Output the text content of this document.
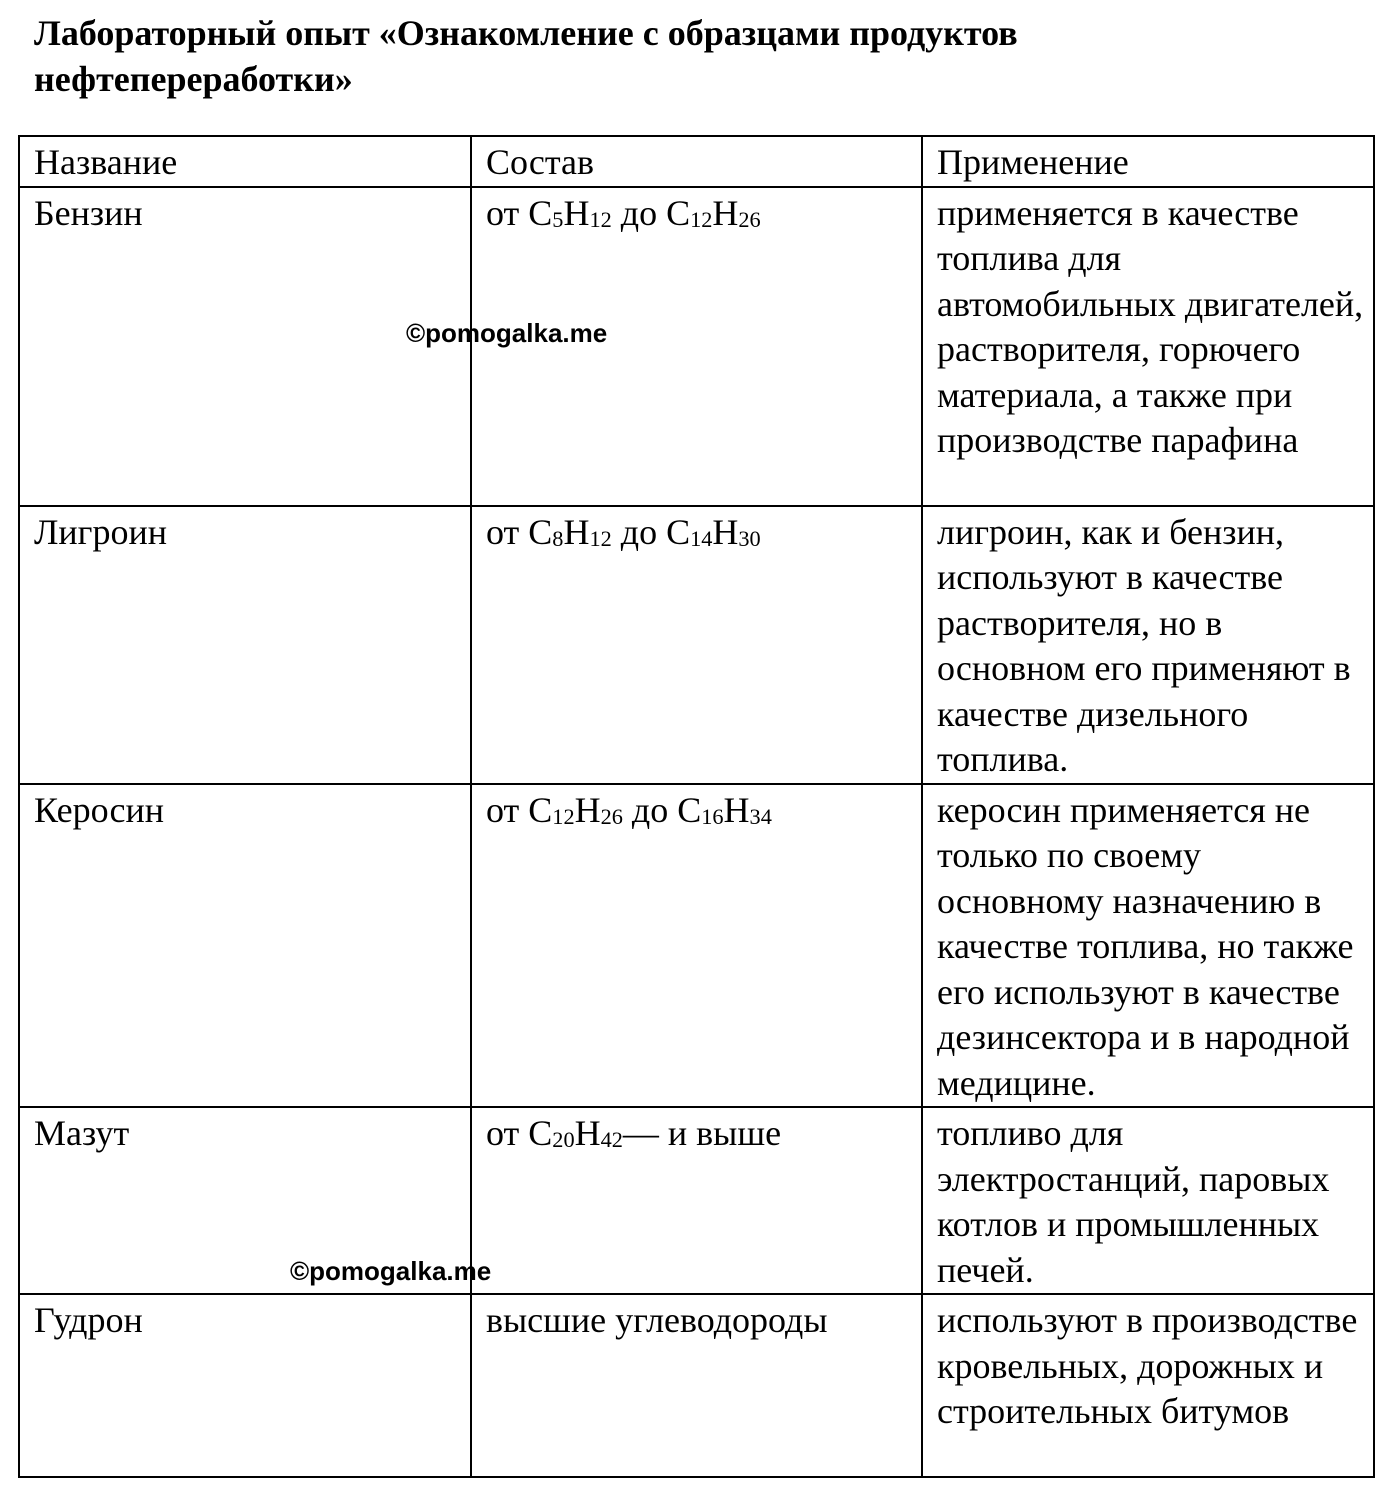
Лабораторный опыт «Ознакомление с образцами продуктов нефтепереработки»
Название	Состав	Применение
Бензин	от $C_5H_{12}$ до $C_{12}H_{26}$	применяется в качестве топлива для автомобильных двигателей, растворителя, горючего материала, а также при производстве парафина
Лигроин	от $C_8H_{12}$ до $C_{14}H_{30}$	лигроин, как и бензин, используют в качестве растворителя, но в основном его применяют в качестве дизельного топлива.
Керосин	от $C_{12}H_{26}$ до $C_{16}H_{34}$	керосин применяется не только по своему основному назначению в качестве топлива, но также его используют в качестве дезинсектора и в народной медицине.
Мазут	от $C_{20}H_{42}—$ и выше	топливо для электростанций, паровых котлов и промышленных печей.
Гудрон	высшие углеводороды	используют в производстве кровельных, дорожных и строительных битумов
©pomogalka.me
©pomogalka.me
